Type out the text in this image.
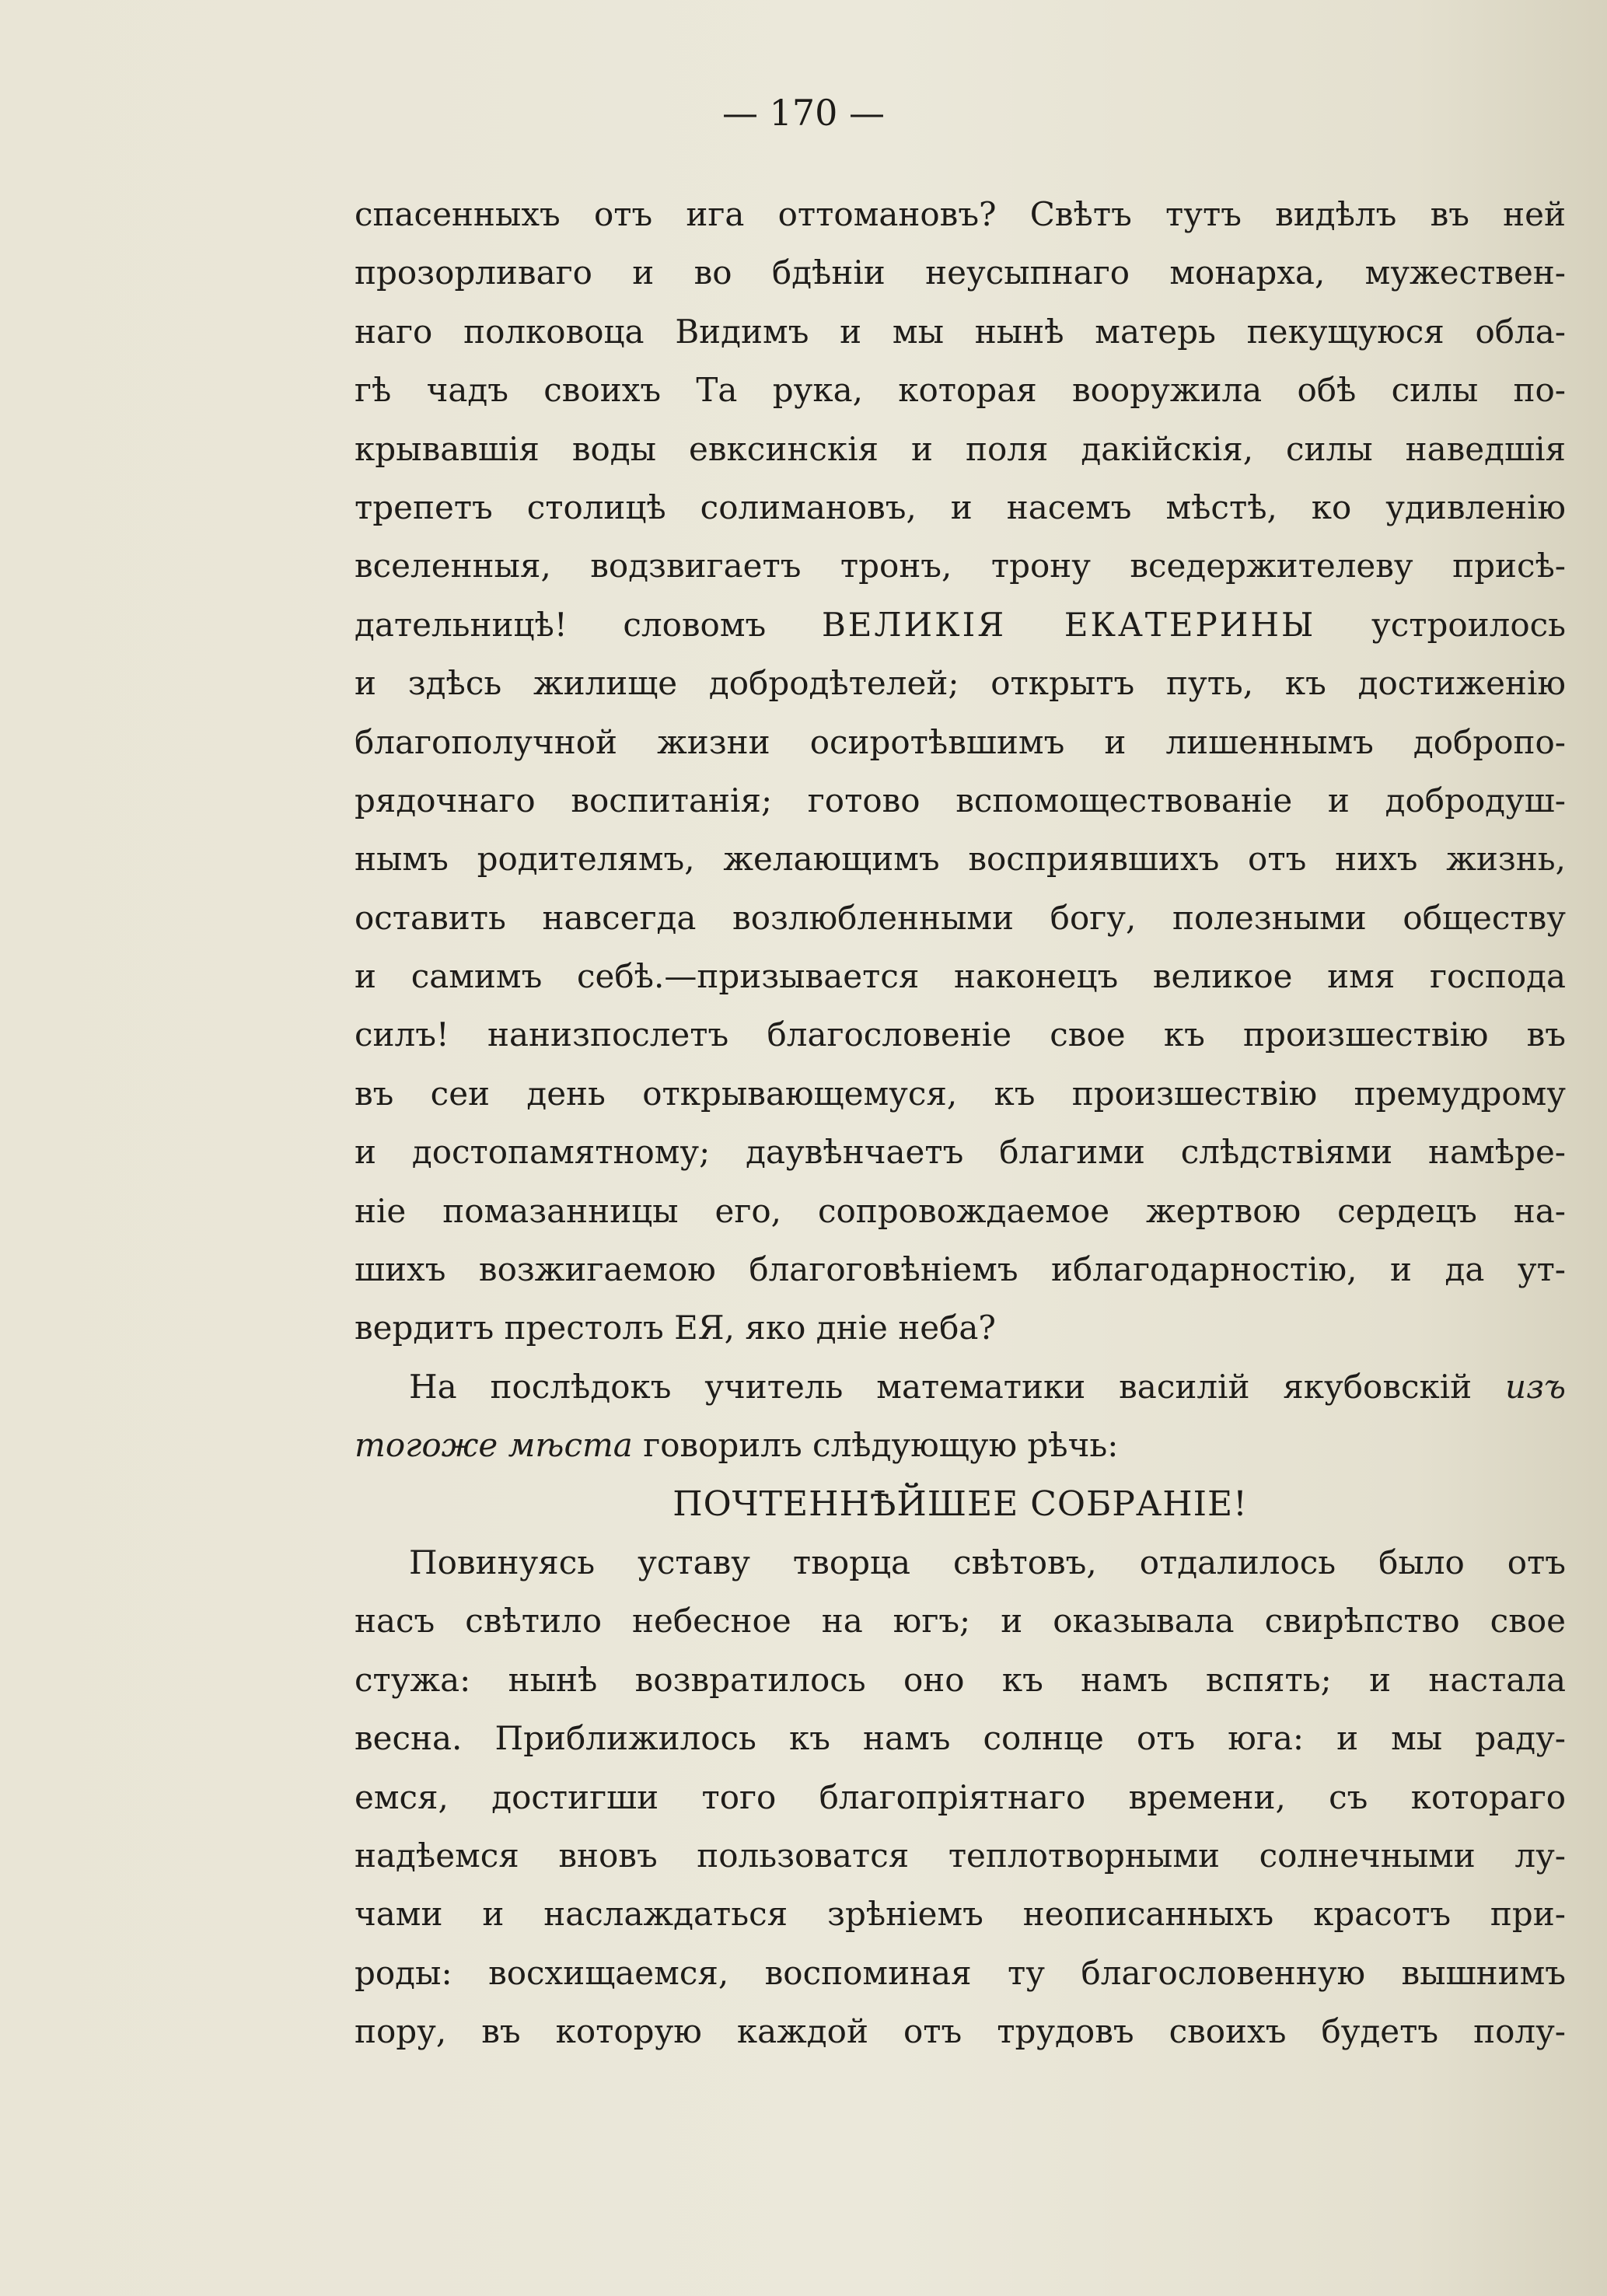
— 170 —
спасенныхъ отъ ига оттомановъ? Свѣтъ тутъ видѣлъ въ ней
прозорливаго и во бдѣніи неусыпнаго монарха, мужествен-
наго полковоца Видимъ и мы нынѣ матерь пекущуюся обла-
гѣ чадъ своихъ Та рука, которая вооружила обѣ силы по-
крывавшія воды евксинскія и поля дакійскія, силы наведшія
трепетъ столицѣ солимановъ, и насемъ мѣстѣ, ко удивленію
вселенныя, водзвигаетъ тронъ, трону вседержителеву присѣ-
дательницѣ! словомъ ВЕЛИКІЯ ЕКАТЕРИНЫ устроилось
и здѣсь жилище добродѣтелей; открытъ путь, къ достиженію
благополучной жизни осиротѣвшимъ и лишеннымъ добропо-
рядочнаго воспитанія; готово вспомоществованіе и добродуш-
нымъ родителямъ, желающимъ восприявшихъ отъ нихъ жизнь,
оставить навсегда возлюбленными богу, полезными обществу
и самимъ себѣ.—призывается наконецъ великое имя господа
силъ! нанизпослетъ благословеніе свое къ произшествію въ
въ сеи день открывающемуся, къ произшествію премудрому
и достопамятному; даувѣнчаетъ благими слѣдствіями намѣре-
ніе помазанницы его, сопровождаемое жертвою сердецъ на-
шихъ возжигаемою благоговѣніемъ иблагодарностію, и да ут-
вердитъ престолъ ЕЯ, яко дніе неба?
На послѣдокъ учитель математики василій якубовскій изъ
тогоже мѣста говорилъ слѣдующую рѣчь:
ПОЧТЕННѢЙШЕЕ СОБРАНІЕ!
Повинуясь уставу творца свѣтовъ, отдалилось было отъ
насъ свѣтило небесное на югъ; и оказывала свирѣпство свое
стужа: нынѣ возвратилось оно къ намъ вспять; и настала
весна. Приближилось къ намъ солнце отъ юга: и мы раду-
емся, достигши того благопріятнаго времени, съ котораго
надѣемся вновъ пользоватся теплотворными солнечными лу-
чами и наслаждаться зрѣніемъ неописанныхъ красотъ при-
роды: восхищаемся, воспоминая ту благословенную вышнимъ
пору, въ которую каждой отъ трудовъ своихъ будетъ полу-
